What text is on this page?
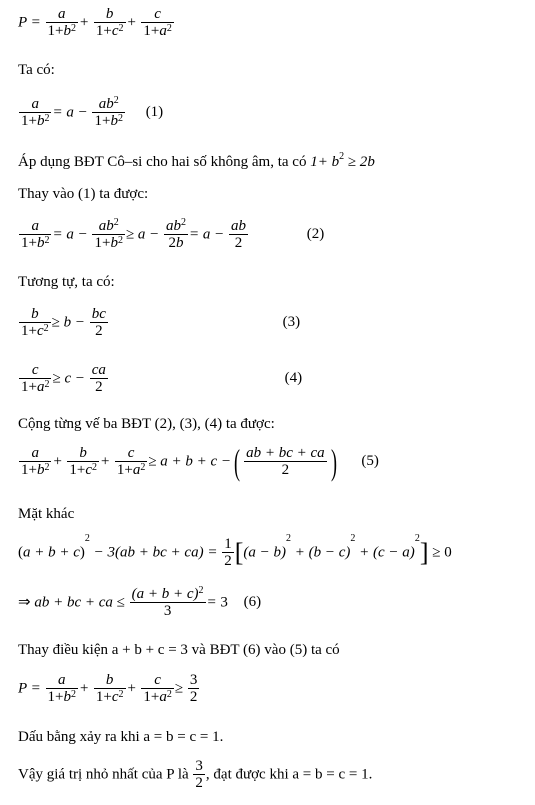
$P = \frac{a}{1+b^2} + \frac{b}{1+c^2} + \frac{c}{1+a^2}$
Ta có:
$\frac{a}{1+b^2} = a - \frac{ab^2}{1+b^2} (1)$
Áp dụng BĐT Cô–si cho hai số không âm, ta có $1+ b^2 \ge 2b$
Thay vào (1) ta được:
$\frac{a}{1+b^2} = a - \frac{ab^2}{1+b^2} \ge a - \frac{ab^2}{2b} = a - \frac{ab}{2}$	(2)
Tương tự, ta có:
$\frac{b}{1+c^2} \ge b - \frac{bc}{2}$	(3)
$\frac{c}{1+a^2} \ge c - \frac{ca}{2}$	(4)
Cộng từng vế ba BĐT (2), (3), (4) ta được:
$\frac{a}{1+b^2} + \frac{b}{1+c^2} + \frac{c}{1+a^2} \ge a + b + c$ −( $\frac{ab + bc + ca}{2}$ ) (5)
Mặt khác
$(a + b + c)^2 - 3(ab$ + bc + $ca) = \frac{1}{2} [(a - b)^2 + (b - c)^2 + (c - a)^2] \ge 0$
⇒ ab + bc + ca ≤ $\frac{(a + b + c)^2}{3} = 3$ (6)
Thay điều kiện a + b + c = 3 và BĐT (6) vào (5) ta có
$P = \frac{a}{1+b^2} + \frac{b}{1+c^2} + \frac{c}{1+a^2} \ge \frac{3}{2}$
Dấu bằng xảy ra khi a = b = c = 1.
Vậy giá trị nhỏ nhất của P là $\frac{3}{2}$ , đạt được khi a = b = c = 1.
